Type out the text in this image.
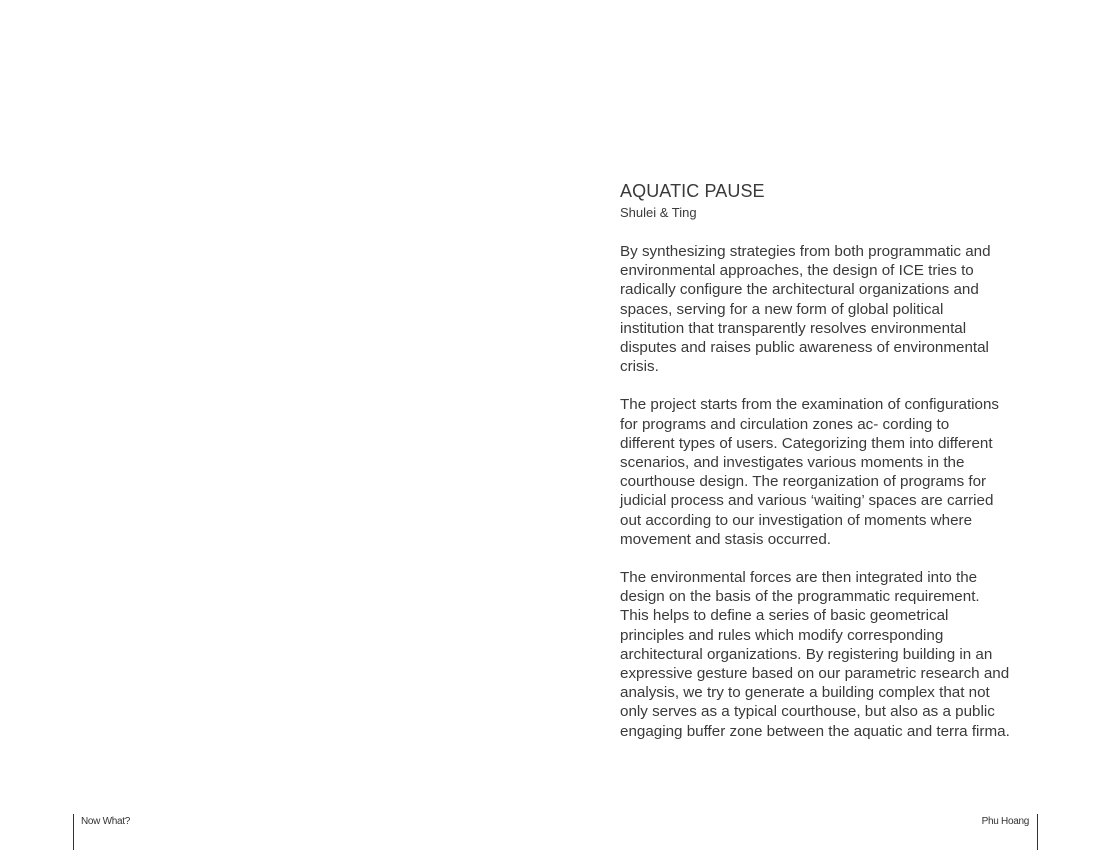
AQUATIC PAUSE

Shulei & Ting

By synthesizing strategies from both programmatic and
environmental approaches, the design of ICE tries to
radically configure the architectural organizations and
spaces, serving for a new form of global political
institution that transparently resolves environmental
disputes and raises public awareness of environmental
crisis.

The project starts from the examination of configurations
for programs and circulation zones ac- cording to
different types of users. Categorizing them into different
scenarios, and investigates various moments in the
courthouse design. The reorganization of programs for
judicial process and various ‘waiting’ spaces are carried
out according to our investigation of moments where
movement and stasis occurred.

The environmental forces are then integrated into the
design on the basis of the programmatic requirement.
This helps to define a series of basic geometrical
principles and rules which modify corresponding
architectural organizations. By registering building in an
expressive gesture based on our parametric research and
analysis, we try to generate a building complex that not
only serves as a typical courthouse, but also as a public
engaging buffer zone between the aquatic and terra firma.

Now What?	Phu Hoang
